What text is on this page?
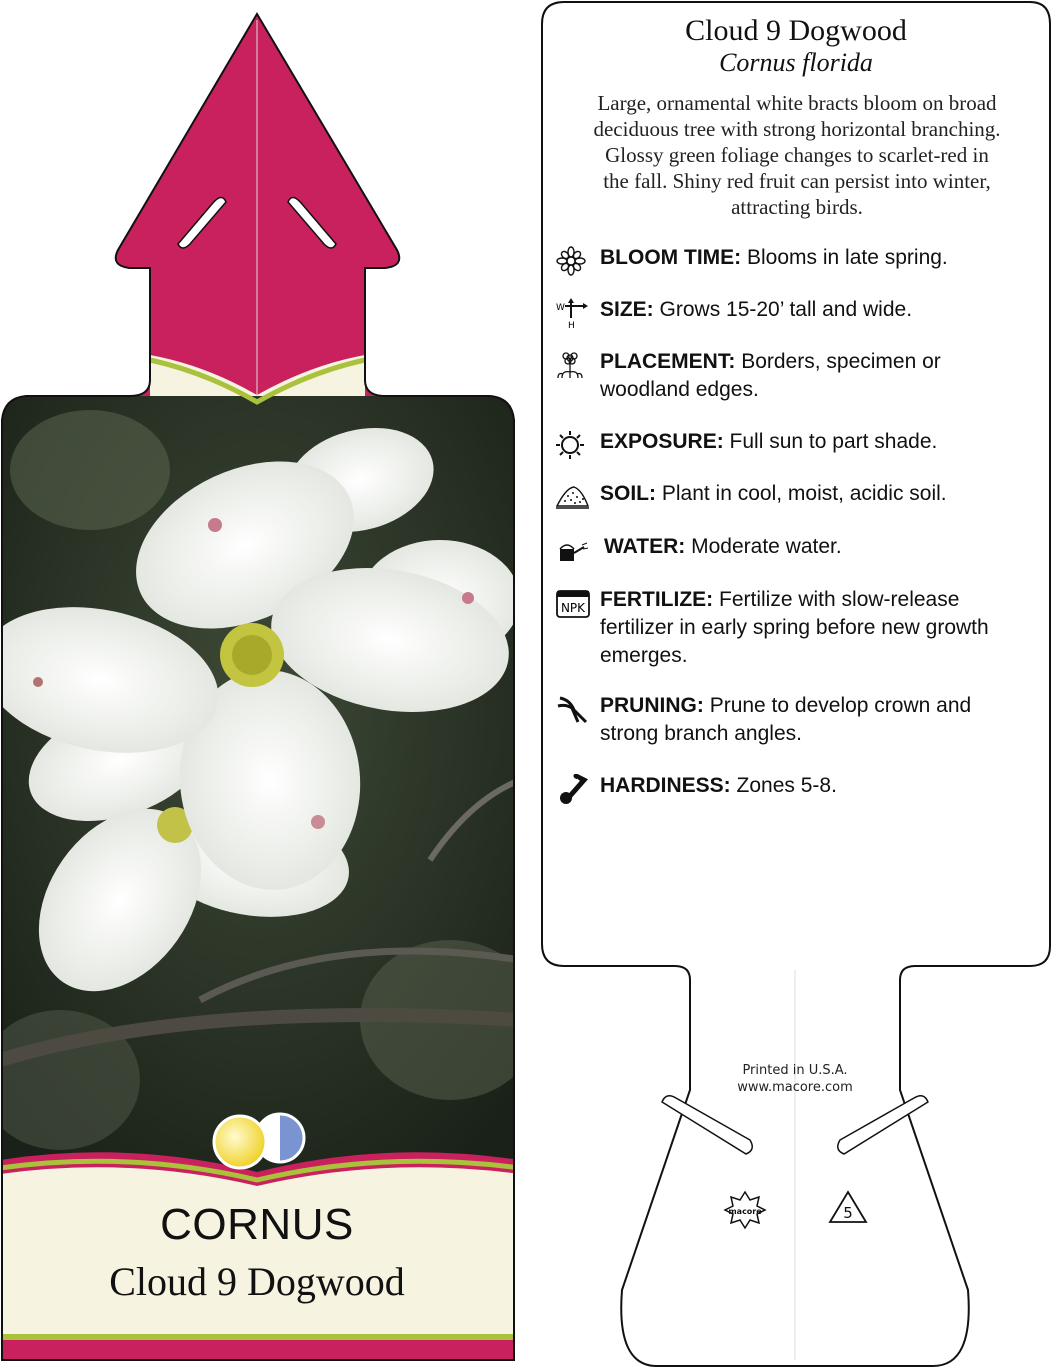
CORNUS
Cloud 9 Dogwood
Cloud 9 Dogwood
Cornus florida
Large, ornamental white bracts bloom on broad
deciduous tree with strong horizontal branching.
Glossy green foliage changes to scarlet-red in
the fall. Shiny red fruit can persist into winter,
attracting birds.
BLOOM TIME: Blooms in late spring.
W
H
SIZE: Grows 15-20’ tall and wide.
PLACEMENT: Borders, specimen or
woodland edges.
EXPOSURE: Full sun to part shade.
SOIL: Plant in cool, moist, acidic soil.
WATER: Moderate water.
NPK FERTILIZE: Fertilize with slow-release
fertilizer in early spring before new growth
emerges.
PRUNING: Prune to develop crown and
strong branch angles.
HARDINESS: Zones 5-8.
Printed in U.S.A.
www.macore.com
macore	5
